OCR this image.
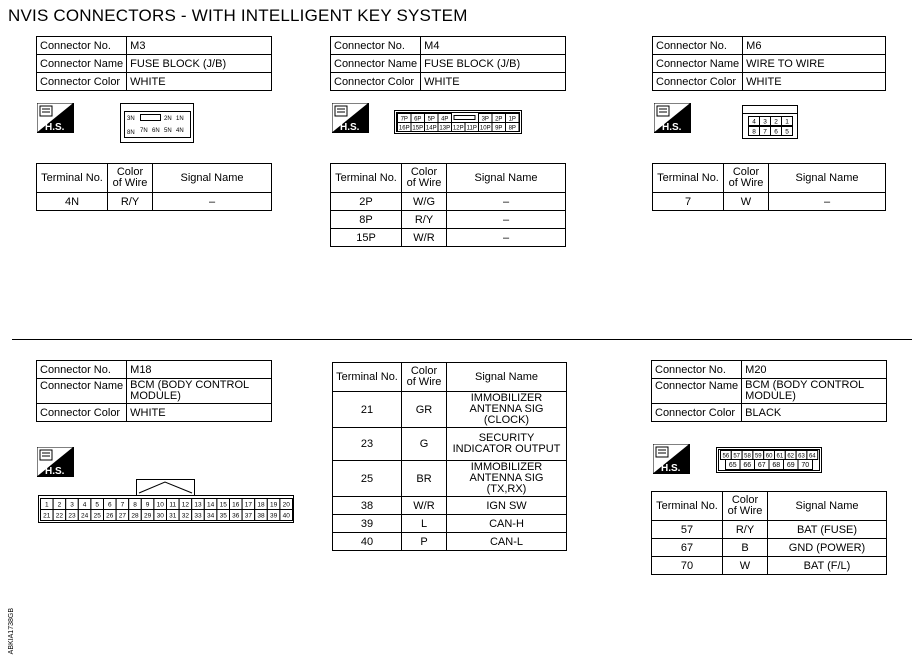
NVIS CONNECTORS - WITH INTELLIGENT KEY SYSTEM
Connector No.	M3
Connector Name	FUSE BLOCK (J/B)
Connector Color	WHITE
H.S.
3N	2N 1N
8N 7N 6N 5N 4N
Terminal No.	Color of Wire	Signal Name
4N	R/Y	–
Connector No.	M4
Connector Name	FUSE BLOCK (J/B)
Connector Color	WHITE
H.S.
7P 6P 5P 4P	3P 2P 1P
16P 15P 14P 13P 12P 11P 10P 9P 8P
Terminal No.	Color of Wire	Signal Name
2P	W/G	–
8P	R/Y	–
15P	W/R	–
Connector No.	M6
Connector Name	WIRE TO WIRE
Connector Color	WHITE
H.S.
4 3 2 1
8 7 6 5
Terminal No.	Color of Wire	Signal Name
7	W	–
Connector No.	M18
Connector Name	BCM (BODY CONTROL MODULE)
Connector Color	WHITE
H.S.
1 2 3 4 5 6 7 8 9 10 11 12 13 14 15 16 17 18 19 20
21 22 23 24 25 26 27 28 29 30 31 32 33 34 35 36 37 38 39 40
Terminal No.	Color of Wire	Signal Name
21	GR	IMMOBILIZER ANTENNA SIG (CLOCK)
23	G	SECURITY INDICATOR OUTPUT
25	BR	IMMOBILIZER ANTENNA SIG (TX,RX)
38	W/R	IGN SW
39	L	CAN-H
40	P	CAN-L
Connector No.	M20
Connector Name	BCM (BODY CONTROL MODULE)
Connector Color	BLACK
H.S.
56 57 58 59 60 61 62 63 64
65 66 67 68 69 70
Terminal No.	Color of Wire	Signal Name
57	R/Y	BAT (FUSE)
67	B	GND (POWER)
70	W	BAT (F/L)
ABKIA1738GB
